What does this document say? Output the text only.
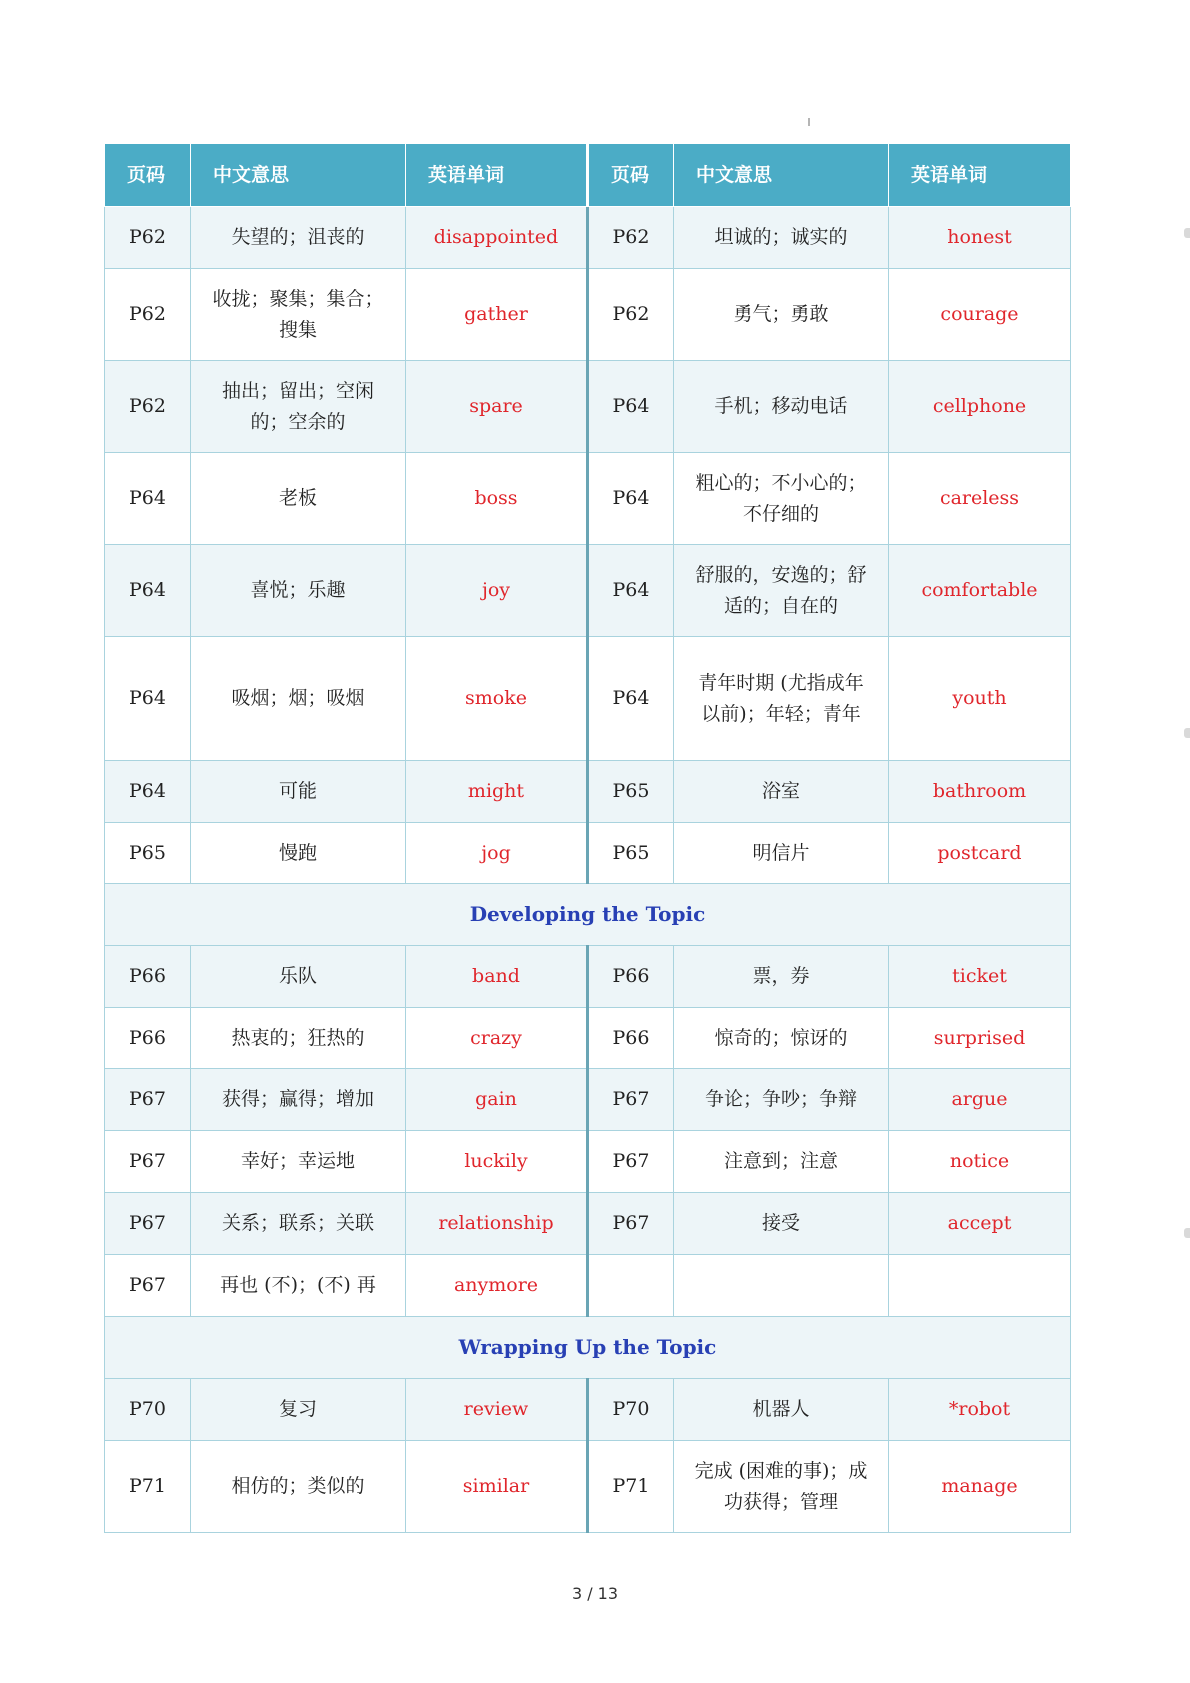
页码	中文意思	英语单词	页码	中文意思	英语单词
P62	失望的；沮丧的	disappointed	P62	坦诚的；诚实的	honest
P62	收拢；聚集；集合；搜集	gather	P62	勇气；勇敢	courage
P62	抽出；留出；空闲的；空余的	spare	P64	手机；移动电话	cellphone
P64	老板	boss	P64	粗心的；不小心的；不仔细的	careless
P64	喜悦；乐趣	joy	P64	舒服的，安逸的；舒适的；自在的	comfortable
P64	吸烟；烟；吸烟	smoke	P64	青年时期 (尤指成年以前)；年轻；青年	youth
P64	可能	might	P65	浴室	bathroom
P65	慢跑	jog	P65	明信片	postcard
Developing the Topic					
P66	乐队	band	P66	票，券	ticket
P66	热衷的；狂热的	crazy	P66	惊奇的；惊讶的	surprised
P67	获得；赢得；增加	gain	P67	争论；争吵；争辩	argue
P67	幸好；幸运地	luckily	P67	注意到；注意	notice
P67	关系；联系；关联	relationship	P67	接受	accept
P67	再也 (不)；(不) 再	anymore			
Wrapping Up the Topic					
P70	复习	review	P70	机器人	*robot
P71	相仿的；类似的	similar	P71	完成 (困难的事)；成功获得；管理	manage
3 / 13
